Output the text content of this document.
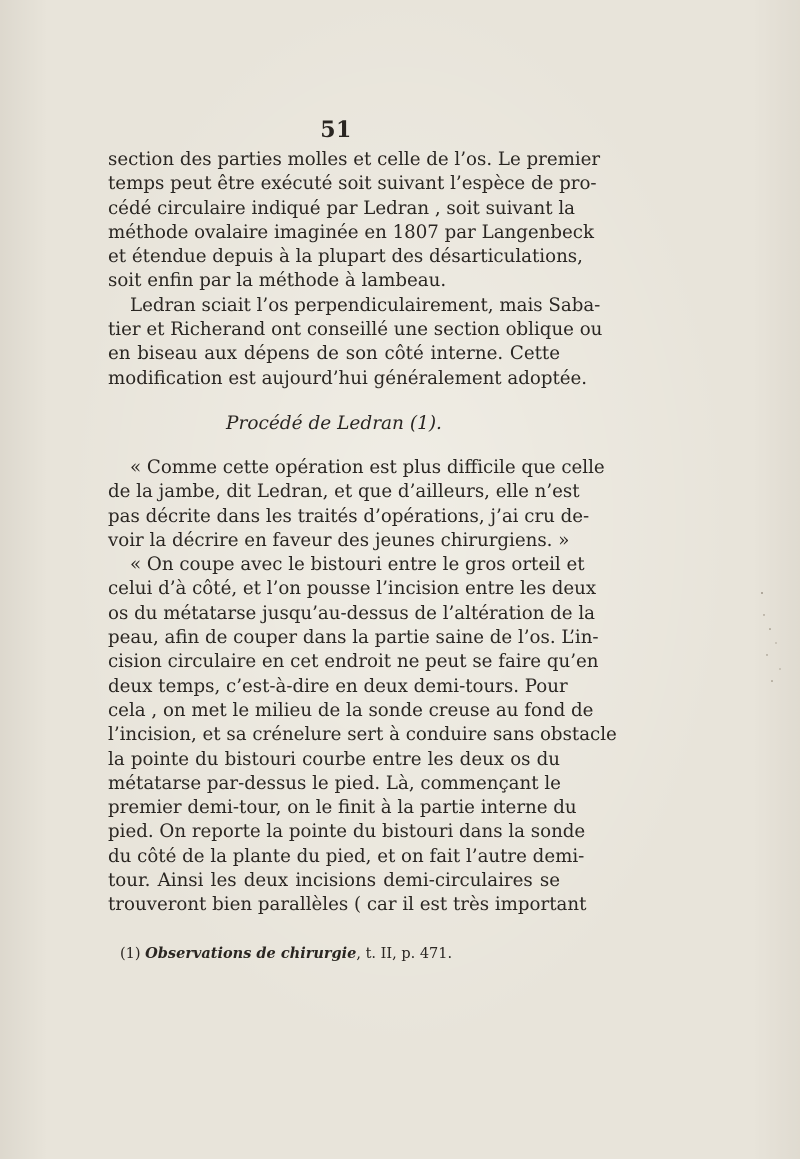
51
section des parties molles et celle de l’os. Le premier
temps peut être exécuté soit suivant l’espèce de pro-
cédé circulaire indiqué par Ledran , soit suivant la
méthode ovalaire imaginée en 1807 par Langenbeck
et étendue depuis à la plupart des désarticulations,
soit enfin par la méthode à lambeau.
Ledran sciait l’os perpendiculairement, mais Saba-
tier et Richerand ont conseillé une section oblique ou
en biseau aux dépens de son côté interne. Cette
modification est aujourd’hui généralement adoptée.
Procédé de Ledran (1).
« Comme cette opération est plus difficile que celle
de la jambe, dit Ledran, et que d’ailleurs, elle n’est
pas décrite dans les traités d’opérations, j’ai cru de-
voir la décrire en faveur des jeunes chirurgiens. »
« On coupe avec le bistouri entre le gros orteil et
celui d’à côté, et l’on pousse l’incision entre les deux
os du métatarse jusqu’au-dessus de l’altération de la
peau, afin de couper dans la partie saine de l’os. L’in-
cision circulaire en cet endroit ne peut se faire qu’en
deux temps, c’est-à-dire en deux demi-tours. Pour
cela , on met le milieu de la sonde creuse au fond de
l’incision, et sa crénelure sert à conduire sans obstacle
la pointe du bistouri courbe entre les deux os du
métatarse par-dessus le pied. Là, commençant le
premier demi-tour, on le finit à la partie interne du
pied. On reporte la pointe du bistouri dans la sonde
du côté de la plante du pied, et on fait l’autre demi-
tour. Ainsi les deux incisions demi-circulaires se
trouveront bien parallèles ( car il est très important
(1) Observations de chirurgie, t. II, p. 471.
